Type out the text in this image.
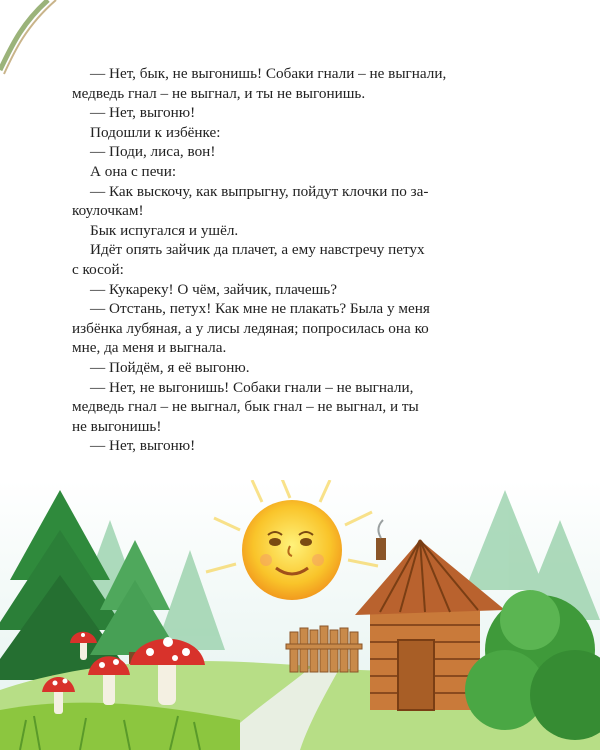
— Нет, бык, не выгонишь! Собаки гнали – не выгнали,
медведь гнал – не выгнал, и ты не выгонишь.
— Нет, выгоню!
Подошли к избёнке:
— Поди, лиса, вон!
А она с печи:
— Как выскочу, как выпрыгну, пойдут клочки по за-
коулочкам!
Бык испугался и ушёл.
Идёт опять зайчик да плачет, а ему навстречу петух
с косой:
— Кукареку! О чём, зайчик, плачешь?
— Отстань, петух! Как мне не плакать? Была у меня
избёнка лубяная, а у лисы ледяная; попросилась она ко
мне, да меня и выгнала.
— Пойдём, я её выгоню.
— Нет, не выгонишь! Собаки гнали – не выгнали,
медведь гнал – не выгнал, бык гнал – не выгнал, и ты
не выгонишь!
— Нет, выгоню!
